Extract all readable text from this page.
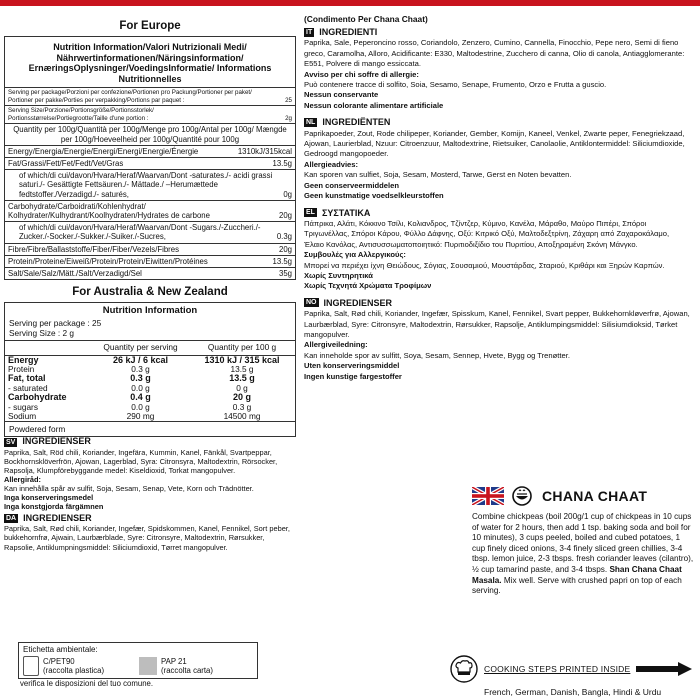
For Europe
Nutrition Information/Valori Nutrizionali Medi/ Nährwertinformationen/Näringsinformation/ ErnæringsOplysninger/VoedingsInformatie/ Informations Nutritionnelles
Serving per package/Porzioni per confezione/Portionen pro Packung/Portioner per paket/
Portioner per pakke/Porties per verpakking/Portions par paquet :	25
Serving Size/Porzione/Portionsgröße/Portionsstorlek/
Portionsstørrelse/Portiegrootte/Taille d'une portion :	2g
Quantity per 100g/Quantità per 100g/Menge pro 100g/Antal per 100g/ Mængde per 100g/Hoeveelheid per 100g/Quantité pour 100g
Energy/Energia/Energie/Energi/Energi/Energie/Énergie	1310kJ/315kcal
Fat/Grassi/Fett/Fet/Fedt/Vet/Gras	13.5g
of which/di cui/davon/Hvara/Heraf/Waarvan/Dont -saturates./- acidi grassi saturi./- Gesättigte Fettsäuren./- Mättade./ –Herumættede fedtstoffer./Verzadigd./- saturés,	0g
Carbohydrate/Carboidrati/Kohlenhydrat/ Kolhydrater/Kulhydrant/Koolhydraten/Hydrates de carbone	20g
of which/di cui/davon/Hvara/Heraf/Waarvan/Dont -Sugars./-Zuccheri./-Zucker./-Socker./-Sukker./-Suiker./-Sucres,	0.3g
Fibre/Fibre/Ballaststoffe/Fiber/Fiber/Vezels/Fibres	20g
Protein/Proteine/Eiweiß/Protein/Protein/Eiwitten/Protéines	13.5g
Salt/Sale/Salz/Mätt./Salt/Verzadigd/Sel	35g
For Australia & New Zealand
Nutrition Information
Serving per package : 25
Serving Size : 2 g
	Quantity per serving	Quantity per 100 g
Energy	26 kJ / 6 kcal	1310 kJ / 315 kcal
Protein	0.3 g	13.5 g
Fat, total	0.3 g	13.5 g
- saturated	0.0 g	0 g
Carbohydrate	0.4 g	20 g
- sugars	0.0 g	0.3 g
Sodium	290 mg	14500 mg
Powdered form
SV INGREDIENSER
Paprika, Salt, Röd chili, Koriander, Ingefära, Kummin, Kanel, Fänkål, Svartpeppar, Bockhornsklöverfrön, Ajowan, Lagerblad, Syra: Citronsyra, Maltodextrin, Rörsocker, Rapsolja, Klumpförebyggande medel: Kiseldioxid, Torkat mangopulver.
Allergiråd:
Kan innehålla spår av sulfit, Soja, Sesam, Senap, Vete, Korn och Trädnötter.
Inga konserveringsmedel
Inga konstgjorda färgämnen
DA INGREDIENSER
Paprika, Salt, Rød chili, Koriander, Ingefær, Spidskommen, Kanel, Fennikel, Sort peber, bukkehornfrø, Ajwain, Laurbærblade, Syre: Citronsyre, Maltodextrin, Rørsukker, Rapsolie, Antiklumpningsmiddel: Siliciumdioxid, Tørret mangopulver.
Etichetta ambientale:
C/PET90
(raccolta plastica)
PAP 21
(raccolta carta)
verifica le disposizioni del tuo comune.
(Condimento Per Chana Chaat)
IT INGREDIENTI
Paprika, Sale, Peperoncino rosso, Coriandolo, Zenzero, Cumino, Cannella, Finocchio, Pepe nero, Semi di fieno greco, Caramolha, Alloro, Acidificante: E330, Maltodestrine, Zucchero di canna, Olio di canola, Antiagglomerante: E551, Polvere di mango essiccata.
Avviso per chi soffre di allergie:
Può contenere tracce di solfito, Soia, Sesamo, Senape, Frumento, Orzo e Frutta a guscio.
Nessun conservante
Nessun colorante alimentare artificiale
NL INGREDIËNTEN
Paprikapoeder, Zout, Rode chilipeper, Koriander, Gember, Komijn, Kaneel, Venkel, Zwarte peper, Fenegriekzaad, Ajowan, Laurierblad, Nzuur: Citroenzuur, Maltodextrine, Rietsuiker, Canolaolie, Antiklontermiddel: Siliciumdioxide, Gedroogd mangopoeder.
Allergieadvies:
Kan sporen van sulfiet, Soja, Sesam, Mosterd, Tarwe, Gerst en Noten bevatten.
Geen conserveermiddelen
Geen kunstmatige voedselkleurstoffen
EL ΣΥΣΤΑΤΙΚΑ
Πάπρικα, Αλάτι, Κόκκινο Τσίλι, Κολιανδρος, Τζίντζερ, Κύμινο, Κανέλα, Μάραθο, Μαύρο Πιπέρι, Σπόροι Τριγωνέλλας, Σπόροι Κάρου, Φύλλο Δάφνης, Οξύ: Κιτρικό Οξύ, Μαλτοδεξτρίνη, Ζάχαρη από Ζαχαροκάλαμο, Έλαιο Κανόλας, Αντισυσσωματοποιητικό: Πυριτιοδιξίδιο του Πυριτίου, Αποξηραμένη Σκόνη Μάνγκο.
Συμβουλές για Αλλεργικούς:
Μπορεί να περιέχει ίχνη Θειώδους, Σόγιας, Σουσαμιού, Μουστάρδας, Σταριού, Κριθάρι και Ξηρών Καρπών.
Χωρίς Συντηρητικά
Χωρίς Τεχνητά Χρώματα Τροφίμων
NO INGREDIENSER
Paprika, Salt, Rød chili, Koriander, Ingefær, Spisskum, Kanel, Fennikel, Svart pepper, Bukkehornkløverfrø, Ajowan, Laurbærblad, Syre: Citronsyre, Maltodextrin, Rørsukker, Rapsolje, Antiklumpingsmiddel: Silisiumdioksid, Tørket mangopulver.
Allergiveiledning:
Kan inneholde spor av sulfitt, Soya, Sesam, Sennep, Hvete, Bygg og Trenøtter.
Uten konserveringsmiddel
Ingen kunstige fargestoffer
CHANA CHAAT
Combine chickpeas (boil 200g/1 cup of chickpeas in 10 cups of water for 2 hours, then add 1 tsp. baking soda and boil for 10 minutes), 3 cups peeled, boiled and cubed potatoes, 1 cup finely diced onions, 3-4 finely sliced green chillies, 3-4 tbsp. lemon juice, 2-3 tbsps. fresh coriander leaves (cilantro), ½ cup tamarind paste, and 3-4 tbsps. Shan Chana Chaat Masala. Mix well. Serve with crushed papri on top of each serving.
COOKING STEPS PRINTED INSIDE
French, German, Danish, Bangla, Hindi & Urdu
